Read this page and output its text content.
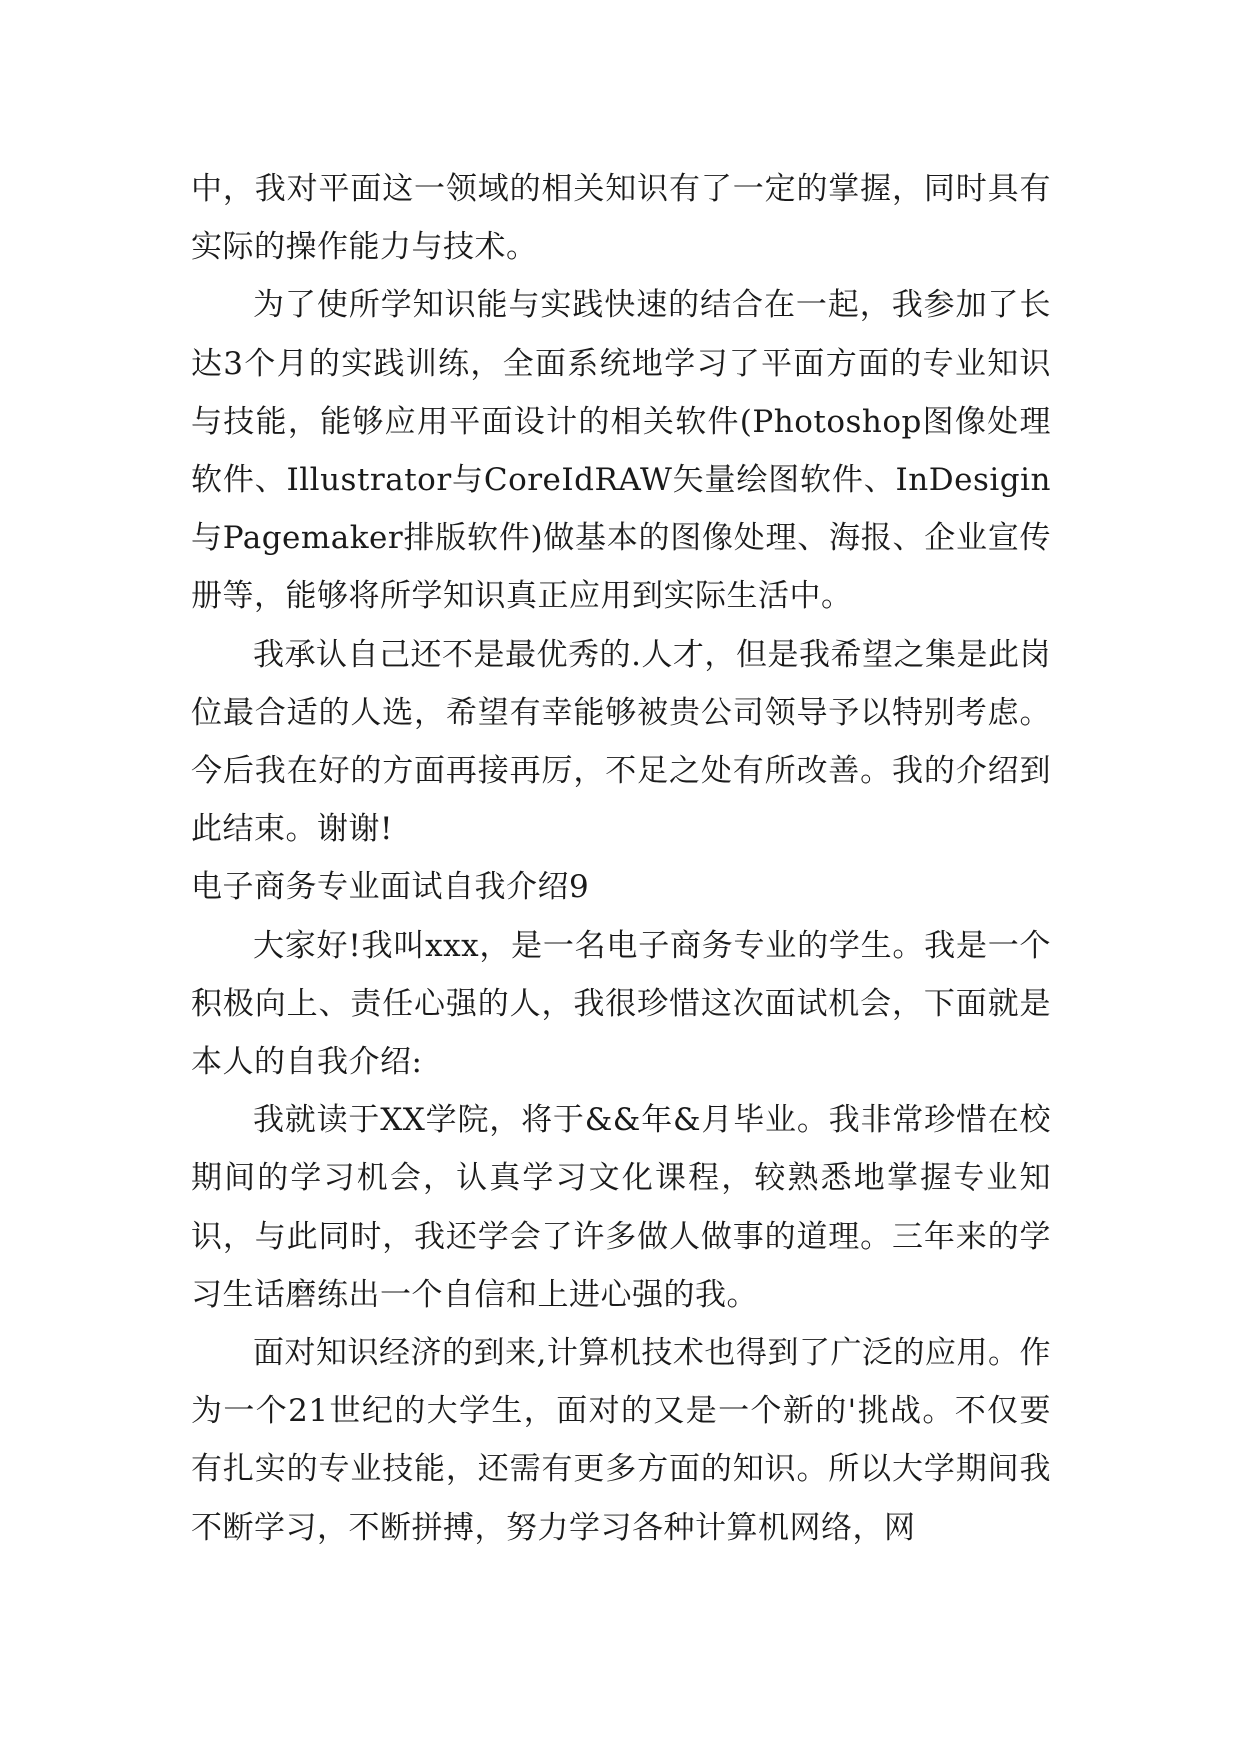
中，我对平面这一领域的相关知识有了一定的掌握，同时具有实际的操作能力与技术。

为了使所学知识能与实践快速的结合在一起，我参加了长达3个月的实践训练，全面系统地学习了平面方面的专业知识与技能，能够应用平面设计的相关软件(Photoshop图像处理软件、Illustrator与CoreIdRAW矢量绘图软件、InDesigin与Pagemaker排版软件)做基本的图像处理、海报、企业宣传册等，能够将所学知识真正应用到实际生活中。

我承认自己还不是最优秀的.人才，但是我希望之集是此岗位最合适的人选，希望有幸能够被贵公司领导予以特别考虑。今后我在好的方面再接再厉，不足之处有所改善。我的介绍到此结束。谢谢!

电子商务专业面试自我介绍9

大家好!我叫xxx，是一名电子商务专业的学生。我是一个积极向上、责任心强的人，我很珍惜这次面试机会，下面就是本人的自我介绍:

我就读于XX学院，将于&&年&月毕业。我非常珍惜在校期间的学习机会，认真学习文化课程，较熟悉地掌握专业知识，与此同时，我还学会了许多做人做事的道理。三年来的学习生话磨练出一个自信和上进心强的我。

面对知识经济的到来,计算机技术也得到了广泛的应用。作为一个21世纪的大学生，面对的又是一个新的'挑战。不仅要有扎实的专业技能，还需有更多方面的知识。所以大学期间我不断学习，不断拼搏，努力学习各种计算机网络，网
